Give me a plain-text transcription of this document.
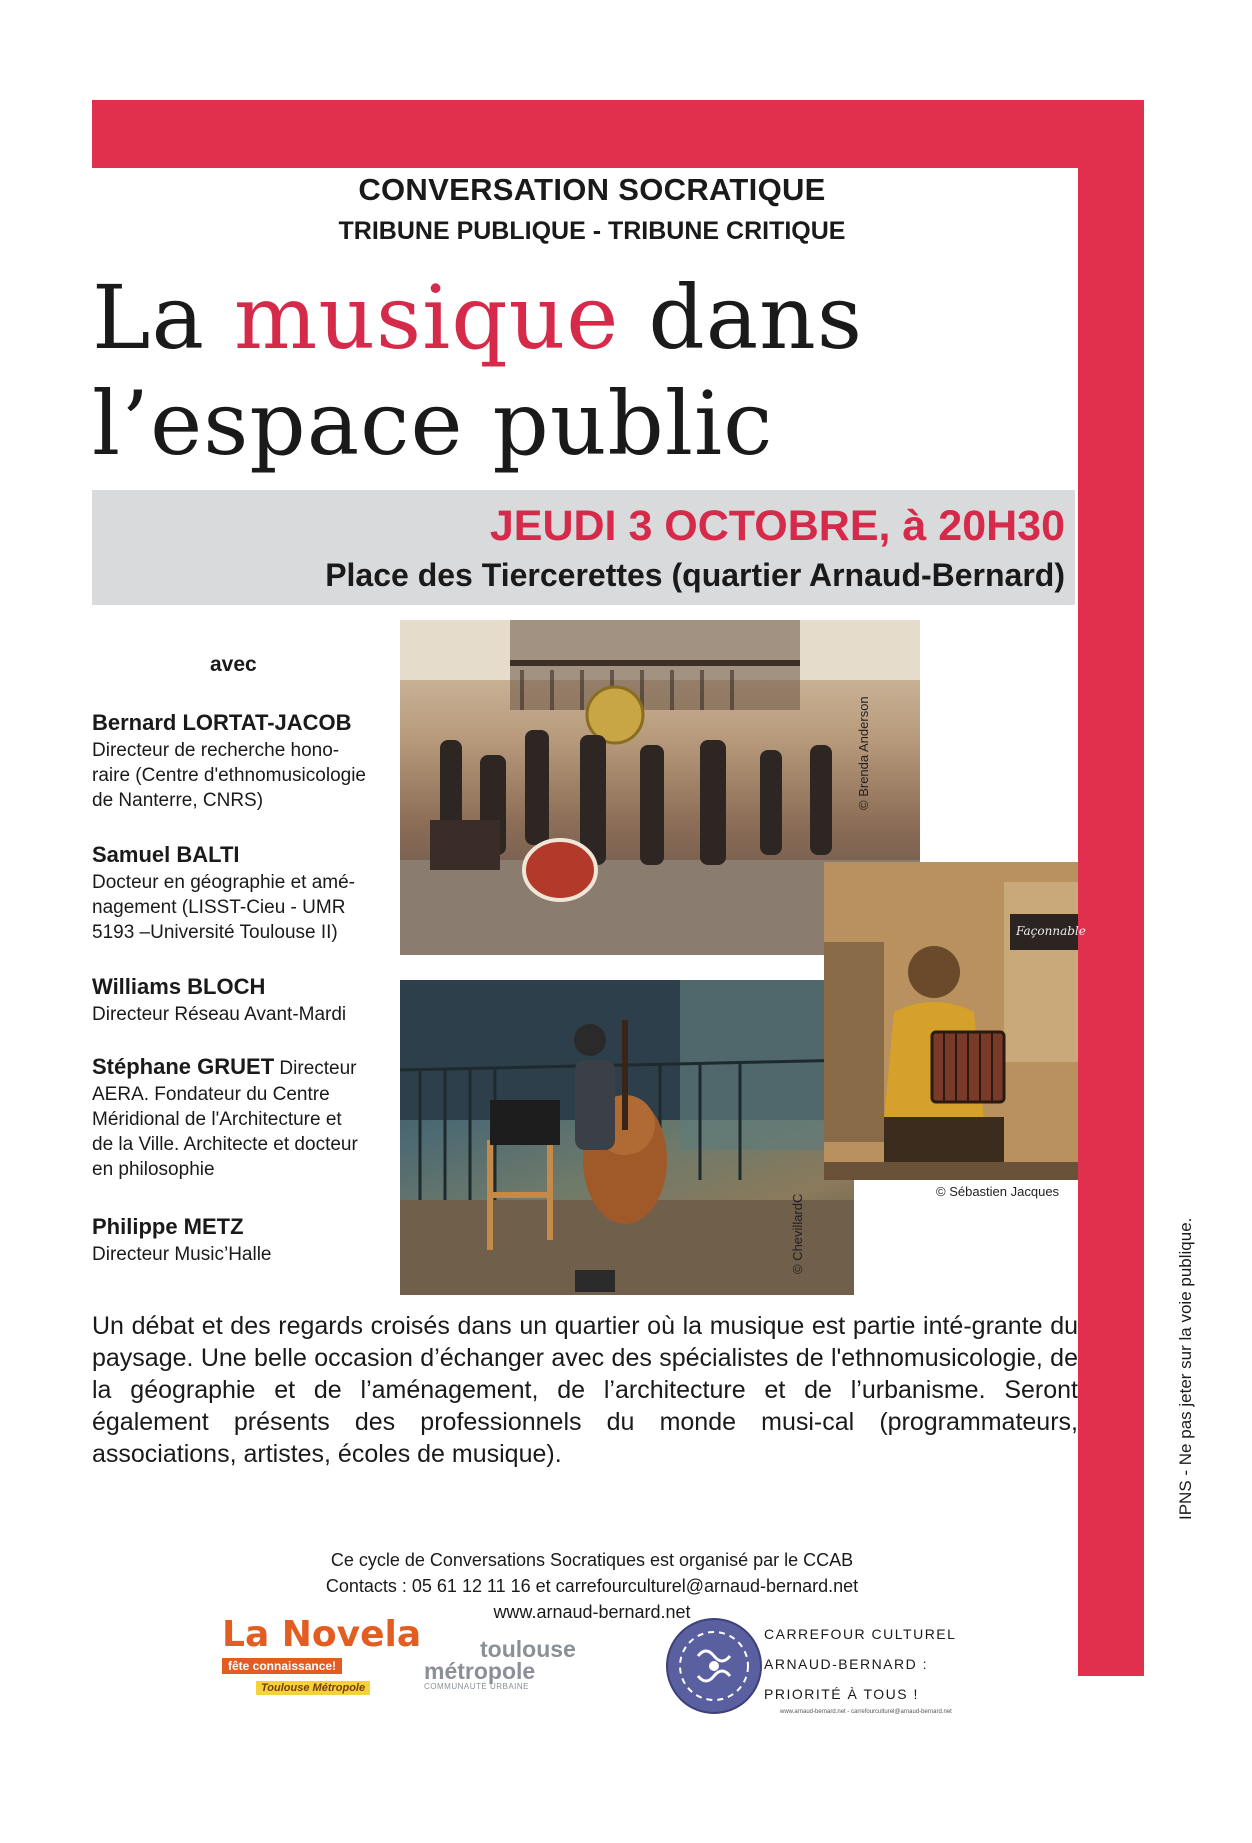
CONVERSATION SOCRATIQUE
TRIBUNE PUBLIQUE - TRIBUNE CRITIQUE
La musique dans
l’espace public
JEUDI 3 OCTOBRE, à 20H30
Place des Tiercerettes (quartier Arnaud-Bernard)
avec
Bernard LORTAT-JACOB
Directeur de recherche hono-
raire (Centre d'ethnomusicologie
de Nanterre, CNRS)
Samuel BALTI
Docteur en géographie et amé-
nagement (LISST-Cieu - UMR
5193 –Université Toulouse II)
Williams BLOCH
Directeur Réseau Avant-Mardi
Stéphane GRUET Directeur
AERA. Fondateur du Centre
Méridional de l'Architecture et
de la Ville. Architecte et docteur
en philosophie
Philippe METZ
Directeur Music’Halle
© Brenda Anderson
© ChevillardC
Façonnable
© Sébastien Jacques
Un débat et des regards croisés dans un quartier où la musique est partie inté-grante du paysage. Une belle occasion d’échanger avec des spécialistes de l'ethnomusicologie, de la géographie et de l’aménagement, de l’architecture et de l’urbanisme. Seront également présents des professionnels du monde musi-cal (programmateurs, associations, artistes, écoles de musique).
Ce cycle de Conversations Socratiques est organisé par le CCAB
Contacts : 05 61 12 11 16 et carrefourculturel@arnaud-bernard.net
www.arnaud-bernard.net
IPNS - Ne pas jeter sur la voie publique.
La Novela
fête connaissance!
Toulouse Métropole
toulouse
métropole
COMMUNAUTÉ URBAINE
CARREFOUR CULTUREL
ARNAUD-BERNARD :
PRIORITÉ À TOUS !
www.arnaud-bernard.net - carrefourculturel@arnaud-bernard.net
